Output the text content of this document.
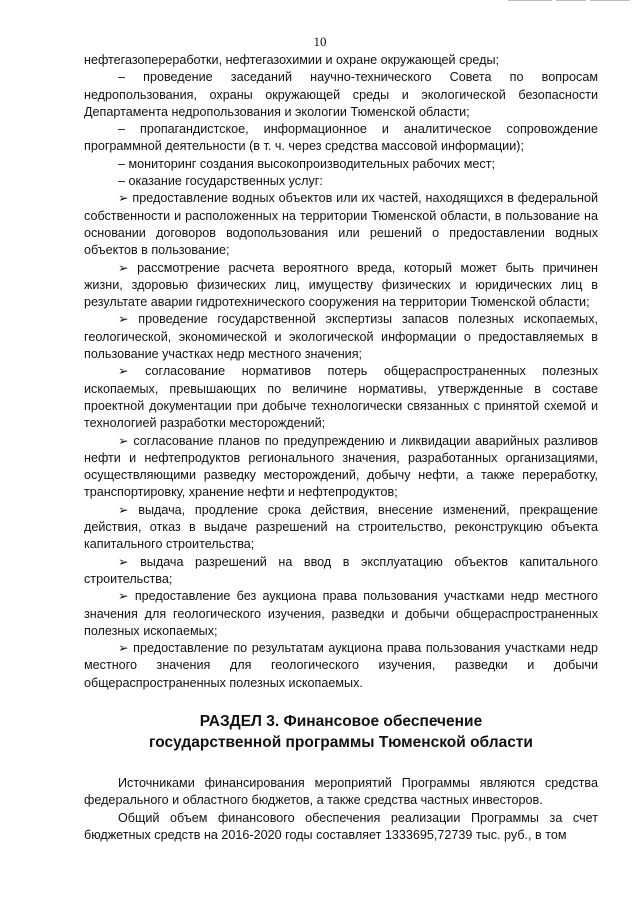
10

нефтегазопереработки, нефтегазохимии и охране окружающей среды;

– проведение заседаний научно-технического Совета по вопросам недропользования, охраны окружающей среды и экологической безопасности Департамента недропользования и экологии Тюменской области;

– пропагандистское, информационное и аналитическое сопровождение программной деятельности (в т. ч. через средства массовой информации);

– мониторинг создания высокопроизводительных рабочих мест;

– оказание государственных услуг:

➢ предоставление водных объектов или их частей, находящихся в федеральной собственности и расположенных на территории Тюменской области, в пользование на основании договоров водопользования или решений о предоставлении водных объектов в пользование;

➢ рассмотрение расчета вероятного вреда, который может быть причинен жизни, здоровью физических лиц, имуществу физических и юридических лиц в результате аварии гидротехнического сооружения на территории Тюменской области;

➢ проведение государственной экспертизы запасов полезных ископаемых, геологической, экономической и экологической информации о предоставляемых в пользование участках недр местного значения;

➢ согласование нормативов потерь общераспространенных полезных ископаемых, превышающих по величине нормативы, утвержденные в составе проектной документации при добыче технологически связанных с принятой схемой и технологией разработки месторождений;

➢ согласование планов по предупреждению и ликвидации аварийных разливов нефти и нефтепродуктов регионального значения, разработанных организациями, осуществляющими разведку месторождений, добычу нефти, а также переработку, транспортировку, хранение нефти и нефтепродуктов;

➢ выдача, продление срока действия, внесение изменений, прекращение действия, отказ в выдаче разрешений на строительство, реконструкцию объекта капитального строительства;

➢ выдача разрешений на ввод в эксплуатацию объектов капитального строительства;

➢ предоставление без аукциона права пользования участками недр местного значения для геологического изучения, разведки и добычи общераспространенных полезных ископаемых;

➢ предоставление по результатам аукциона права пользования участками недр местного значения для геологического изучения, разведки и добычи общераспространенных полезных ископаемых.

РАЗДЕЛ 3. Финансовое обеспечение
государственной программы Тюменской области

Источниками финансирования мероприятий Программы являются средства федерального и областного бюджетов, а также средства частных инвесторов.

Общий объем финансового обеспечения реализации Программы за счет бюджетных средств на 2016-2020 годы составляет 1333695,72739 тыс. руб., в том
